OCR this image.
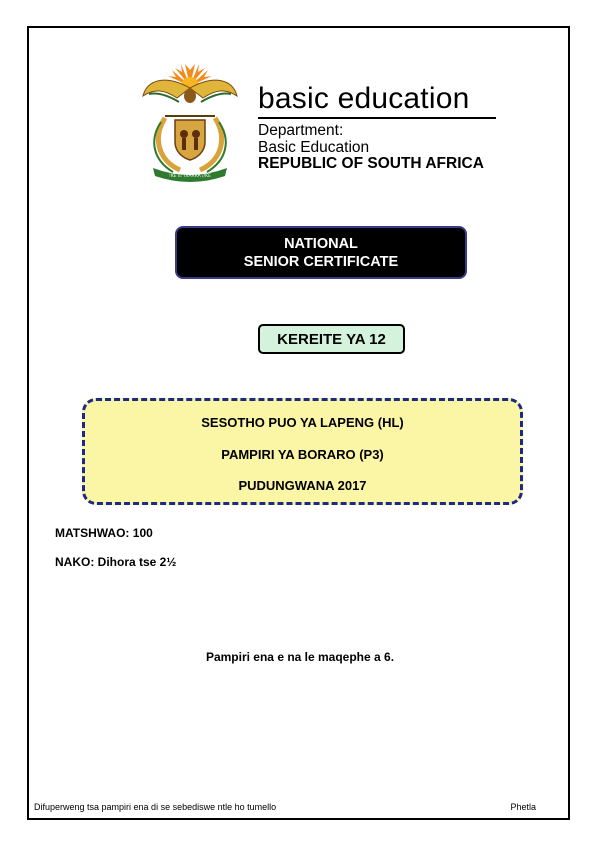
!KE E: /XARRA //KE
basic education
Department:
Basic Education
REPUBLIC OF SOUTH AFRICA
NATIONAL
SENIOR CERTIFICATE
KEREITE YA 12
SESOTHO PUO YA LAPENG (HL)
PAMPIRI YA BORARO (P3)
PUDUNGWANA 2017
MATSHWAO: 100
NAKO: Dihora tse 2½
Pampiri ena e na le maqephe a 6.
Difuperweng tsa pampiri ena di se sebediswe ntle ho tumello	Phetla
